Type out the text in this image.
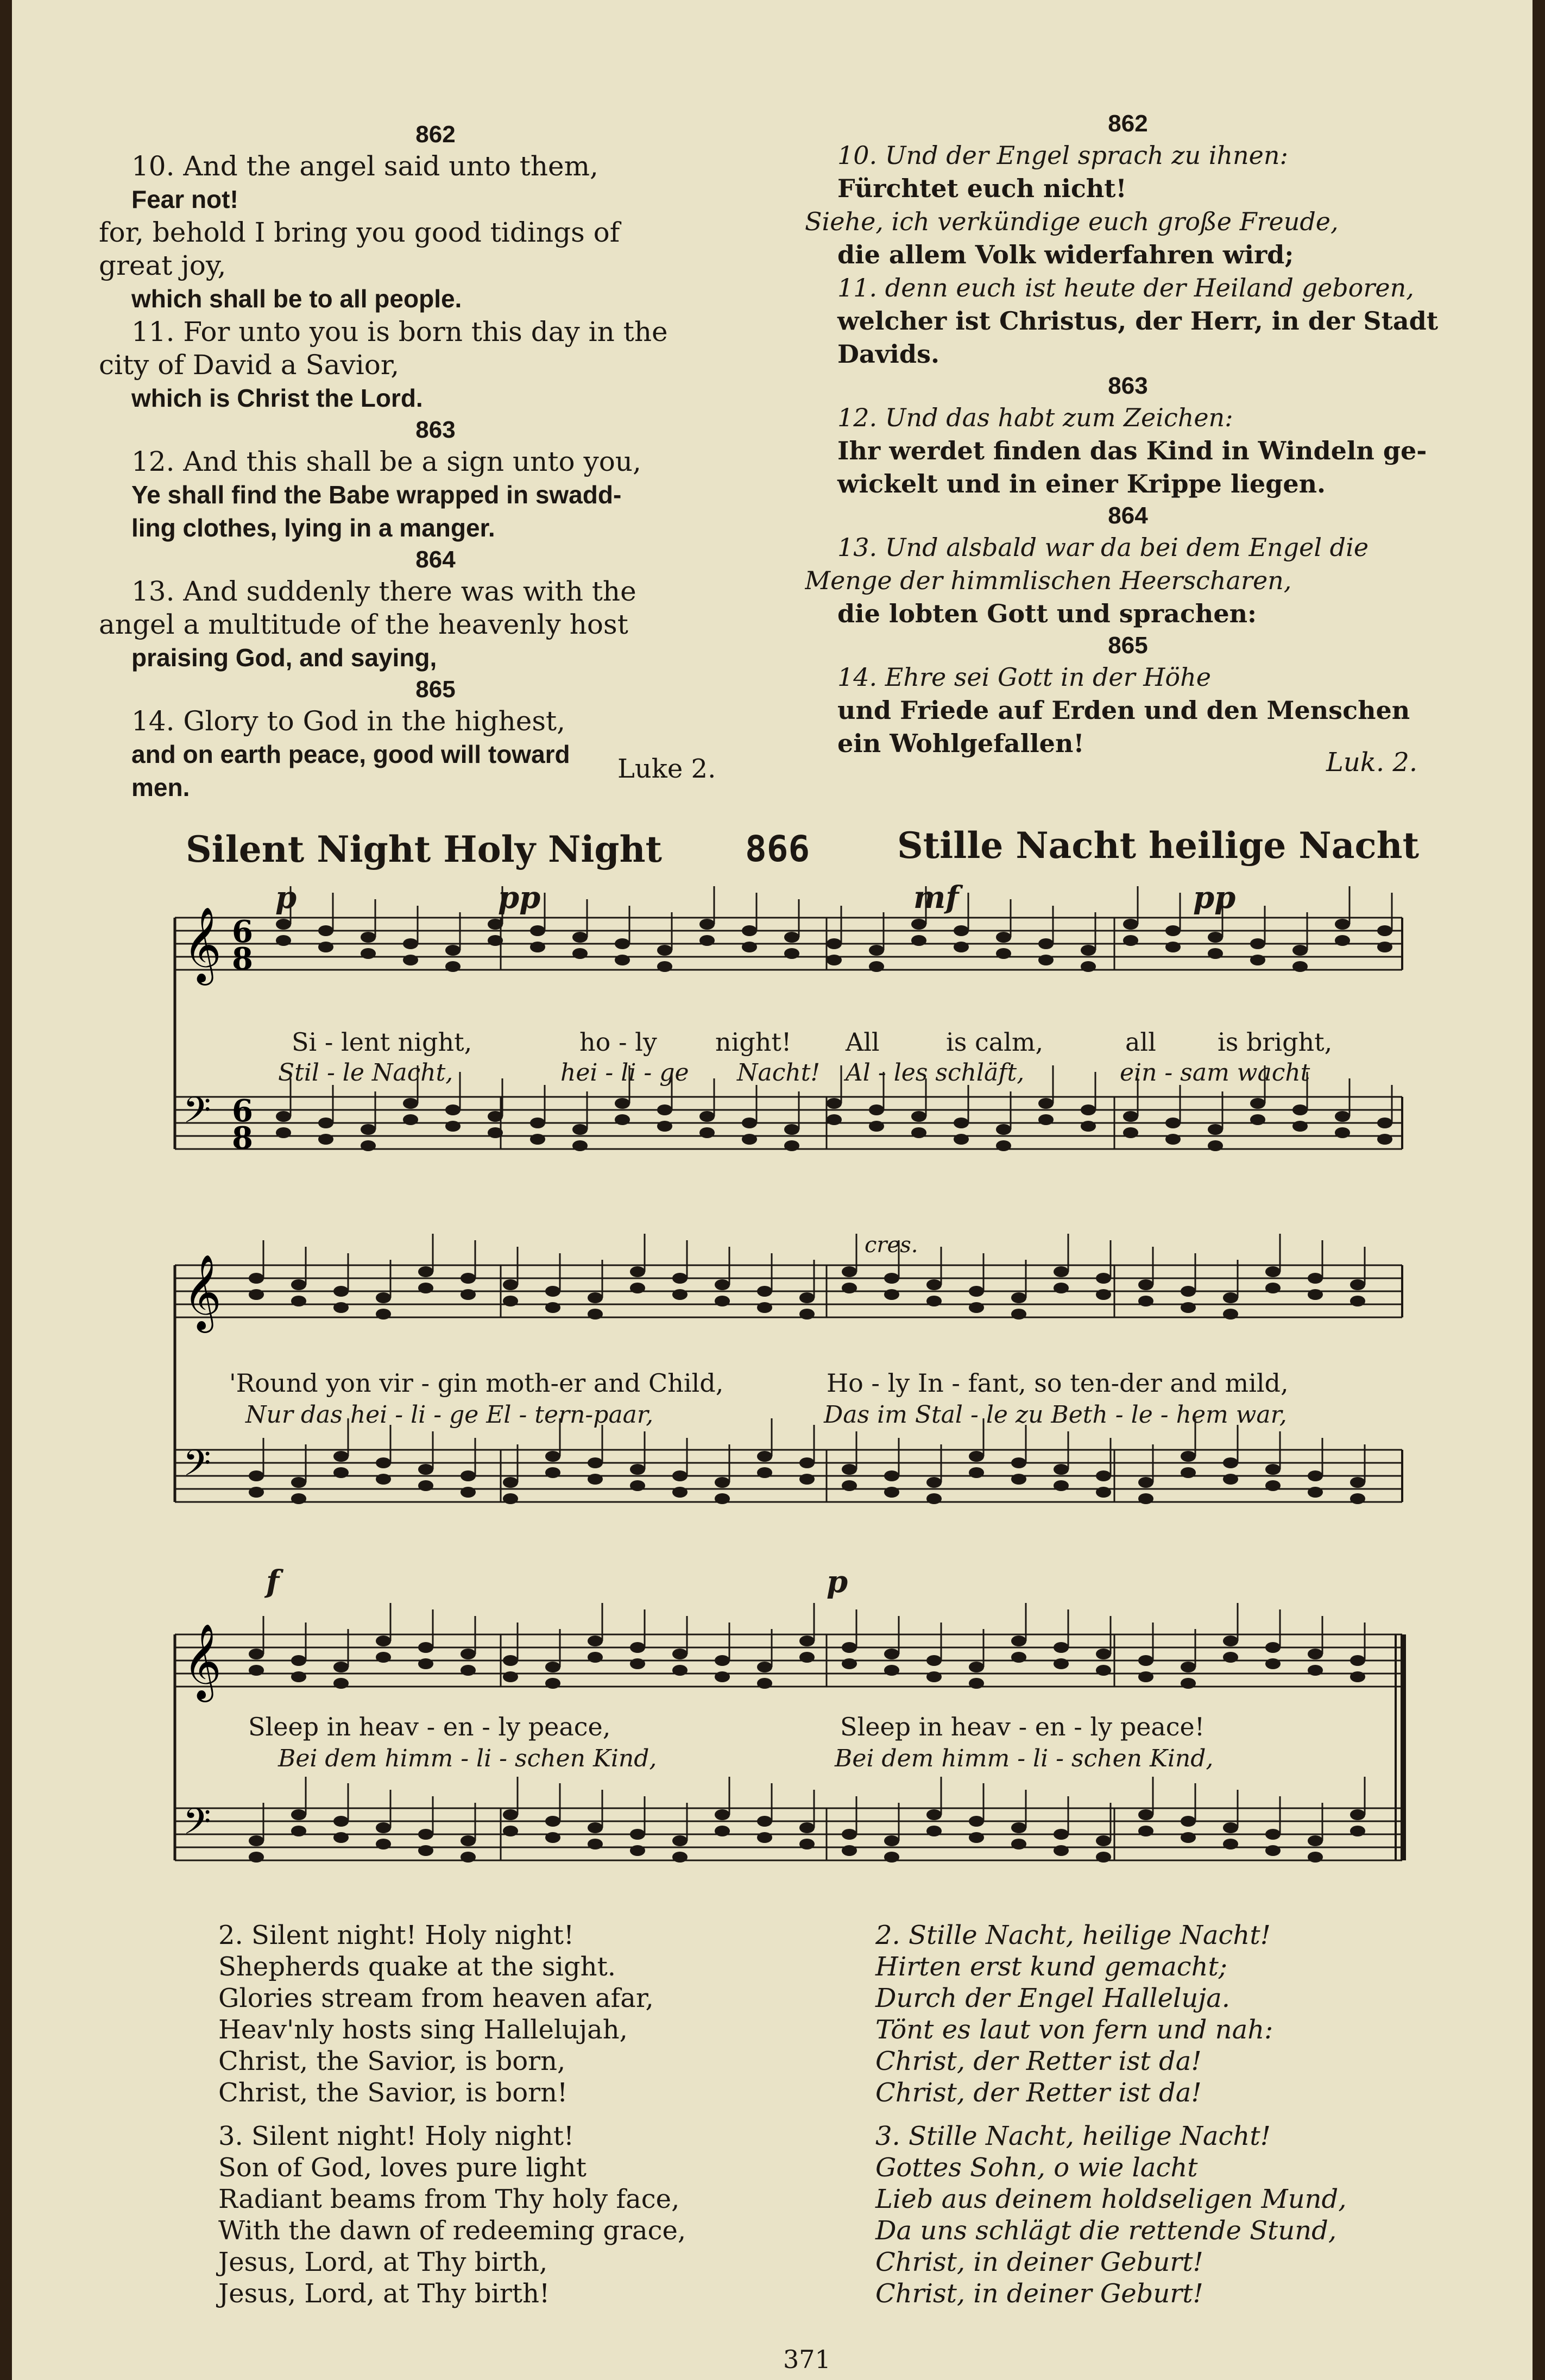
862
10. And the angel said unto them,
Fear not!
for, behold I bring you good tidings of
great joy,
which shall be to all people.
11. For unto you is born this day in the
city of David a Savior,
which is Christ the Lord.
863
12. And this shall be a sign unto you,
Ye shall find the Babe wrapped in swadd-
ling clothes, lying in a manger.
864
13. And suddenly there was with the
angel a multitude of the heavenly host
praising God, and saying,
865
14. Glory to God in the highest,
and on earth peace, good will toward
men.
Luke 2.
862
10. Und der Engel sprach zu ihnen:
Fürchtet euch nicht!
Siehe, ich verkündige euch große Freude,
die allem Volk widerfahren wird;
11. denn euch ist heute der Heiland geboren,
welcher ist Christus, der Herr, in der Stadt
Davids.
863
12. Und das habt zum Zeichen:
Ihr werdet finden das Kind in Windeln ge-
wickelt und in einer Krippe liegen.
864
13. Und alsbald war da bei dem Engel die
Menge der himmlischen Heerscharen,
die lobten Gott und sprachen:
865
14. Ehre sei Gott in der Höhe
und Friede auf Erden und den Menschen
ein Wohlgefallen!
Luk. 2.
Silent Night Holy Night 866 Stille Nacht heilige Nacht
p	pp	mf	pp
cres.
f	p
𝄞 6
8
𝄢 6
8
𝄞
𝄢
𝄞
𝄢
Si - lent night,	ho - ly night! All	is calm,	all is bright,
Stil - le Nacht,	hei - li - ge Nacht! Al - les schläft,	ein - sam wacht
'Round yon vir - gin moth-er and Child,	Ho - ly In - fant, so ten-der and mild,
Nur das hei - li - ge El - tern-paar,	Das im Stal - le zu Beth - le - hem war,
Sleep in heav - en - ly peace,	Sleep in heav - en - ly peace!
Bei dem himm - li - schen Kind,	Bei dem himm - li - schen Kind,
2. Silent night! Holy night!
Shepherds quake at the sight.
Glories stream from heaven afar,
Heav'nly hosts sing Hallelujah,
Christ, the Savior, is born,
Christ, the Savior, is born!
3. Silent night! Holy night!
Son of God, loves pure light
Radiant beams from Thy holy face,
With the dawn of redeeming grace,
Jesus, Lord, at Thy birth,
Jesus, Lord, at Thy birth!
2. Stille Nacht, heilige Nacht!
Hirten erst kund gemacht;
Durch der Engel Halleluja.
Tönt es laut von fern und nah:
Christ, der Retter ist da!
Christ, der Retter ist da!
3. Stille Nacht, heilige Nacht!
Gottes Sohn, o wie lacht
Lieb aus deinem holdseligen Mund,
Da uns schlägt die rettende Stund,
Christ, in deiner Geburt!
Christ, in deiner Geburt!
371
